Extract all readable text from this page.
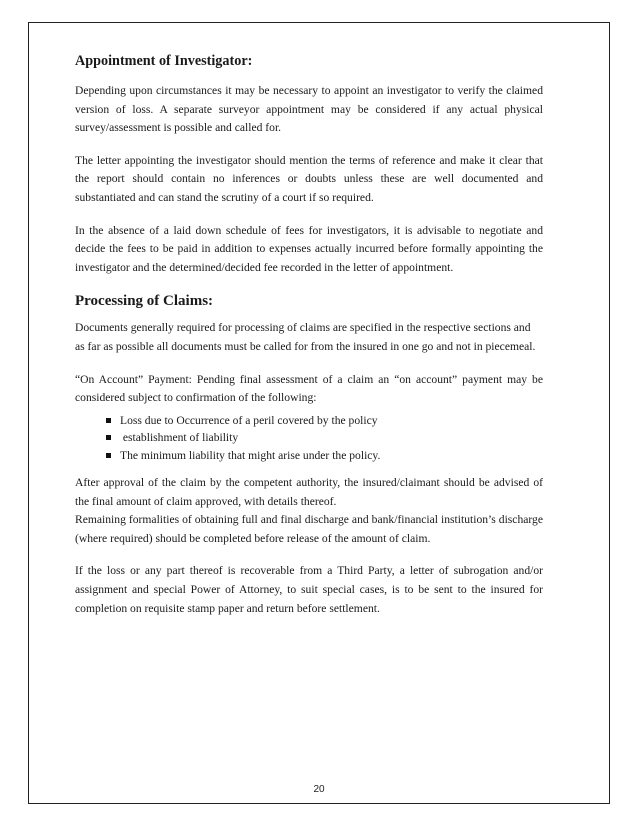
Appointment of Investigator:

Depending upon circumstances it may be necessary to appoint an investigator to verify the claimed version of loss. A separate surveyor appointment may be considered if any actual physical survey/assessment is possible and called for.

The letter appointing the investigator should mention the terms of reference and make it clear that the report should contain no inferences or doubts unless these are well documented and substantiated and can stand the scrutiny of a court if so required.

In the absence of a laid down schedule of fees for investigators, it is advisable to negotiate and decide the fees to be paid in addition to expenses actually incurred before formally appointing the investigator and the determined/decided fee recorded in the letter of appointment.

Processing of Claims:

Documents generally required for processing of claims are specified in the respective sections and as far as possible all documents must be called for from the insured in one go and not in piecemeal.

“On Account” Payment: Pending final assessment of a claim an “on account” payment may be considered subject to confirmation of the following:

Loss due to Occurrence of a peril covered by the policy
establishment of liability
The minimum liability that might arise under the policy.

After approval of the claim by the competent authority, the insured/claimant should be advised of the final amount of claim approved, with details thereof.

Remaining formalities of obtaining full and final discharge and bank/financial institution’s discharge (where required) should be completed before release of the amount of claim.

If the loss or any part thereof is recoverable from a Third Party, a letter of subrogation and/or assignment and special Power of Attorney, to suit special cases, is to be sent to the insured for completion on requisite stamp paper and return before settlement.

20
